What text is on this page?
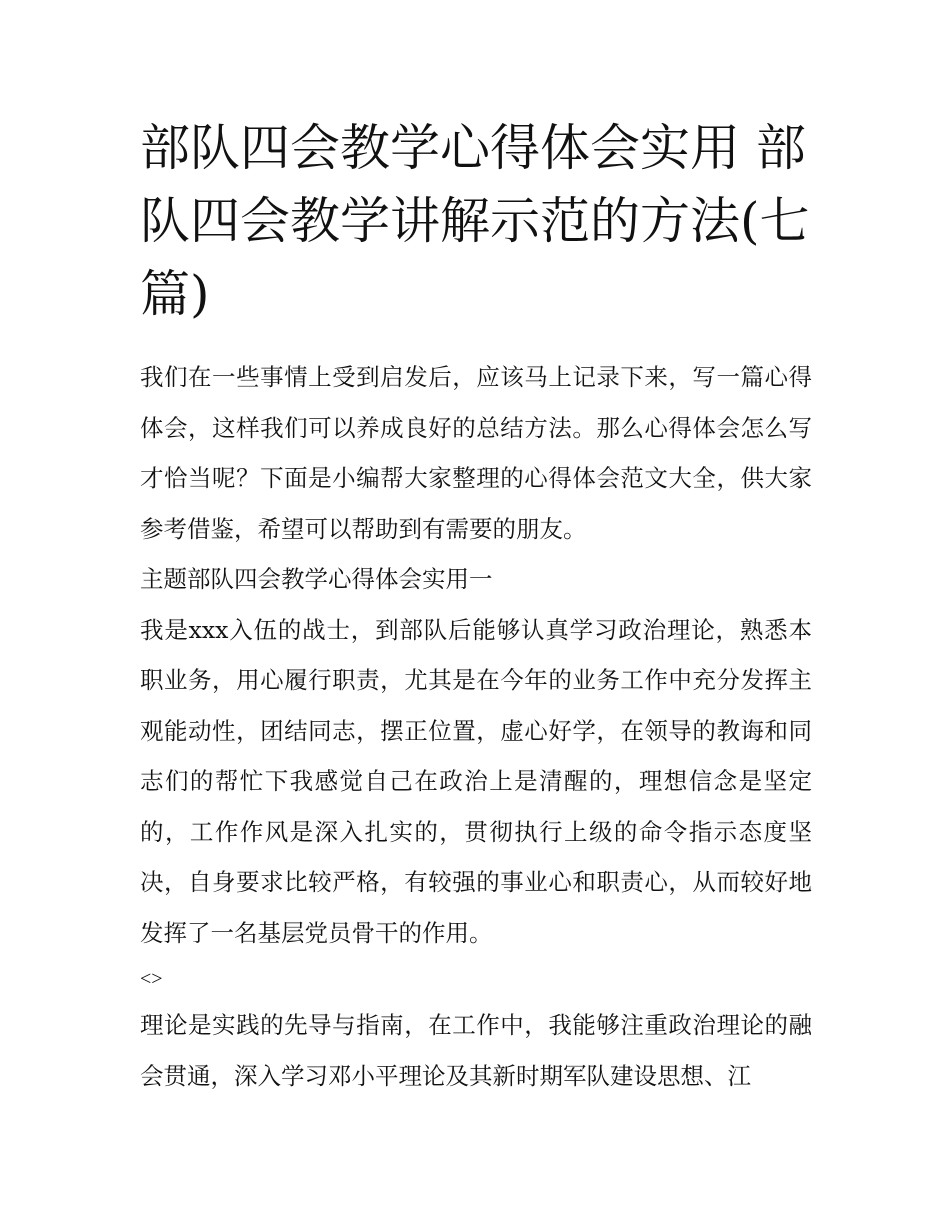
部队四会教学心得体会实用 部队四会教学讲解示范的方法(七篇)

我们在一些事情上受到启发后，应该马上记录下来，写一篇心得体会，这样我们可以养成良好的总结方法。那么心得体会怎么写才恰当呢？下面是小编帮大家整理的心得体会范文大全，供大家参考借鉴，希望可以帮助到有需要的朋友。

主题部队四会教学心得体会实用一

我是xxx入伍的战士，到部队后能够认真学习政治理论，熟悉本职业务，用心履行职责，尤其是在今年的业务工作中充分发挥主观能动性，团结同志，摆正位置，虚心好学，在领导的教诲和同志们的帮忙下我感觉自己在政治上是清醒的，理想信念是坚定的，工作作风是深入扎实的，贯彻执行上级的命令指示态度坚决，自身要求比较严格，有较强的事业心和职责心，从而较好地发挥了一名基层党员骨干的作用。

<>

理论是实践的先导与指南，在工作中，我能够注重政治理论的融会贯通，深入学习邓小平理论及其新时期军队建设思想、江
